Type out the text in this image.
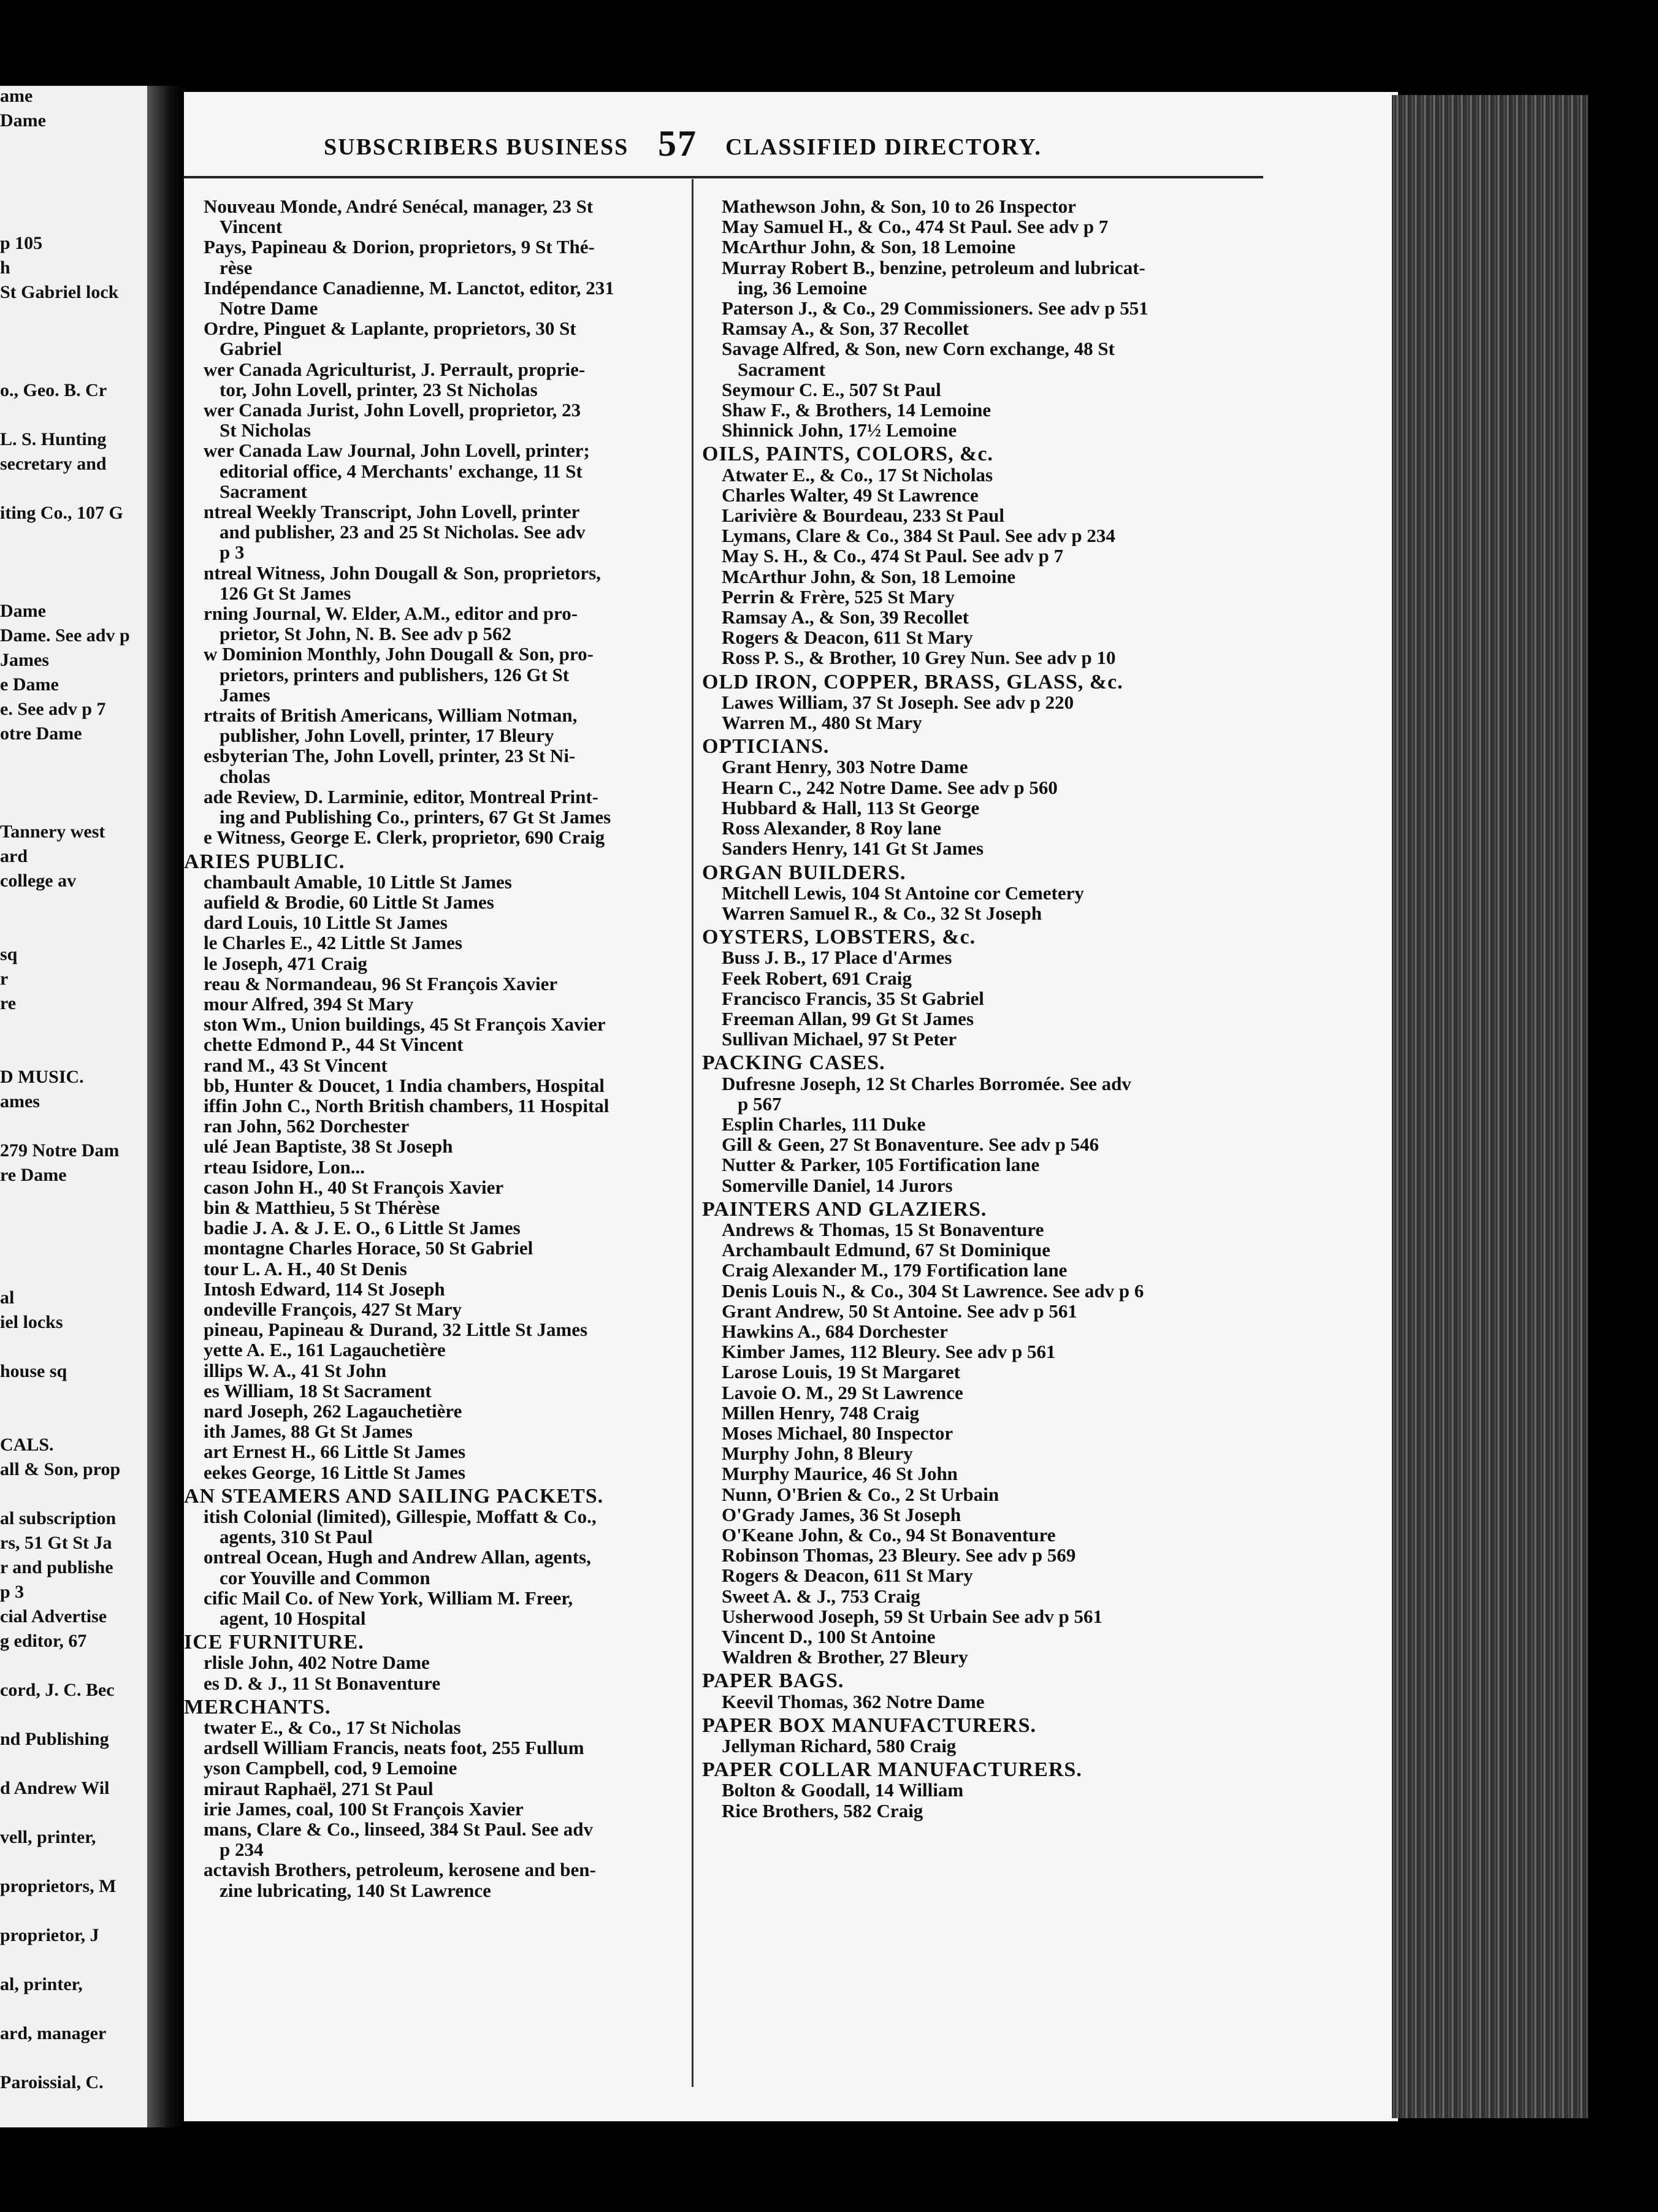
ame
Dame
p 105
h
St Gabriel lock
o., Geo. B. Cr
L. S. Hunting
secretary and
iting Co., 107 G
Dame
Dame. See adv p
James
e Dame
e. See adv p 7
otre Dame
Tannery west
ard
college av
sq
r
re
D MUSIC.
ames
279 Notre Dam
re Dame
al
iel locks
house sq
CALS.
all & Son, prop
al subscription
rs, 51 Gt St Ja
r and publishe
p 3
cial Advertise
g editor, 67
cord, J. C. Bec
nd Publishing
d Andrew Wil
vell, printer,
proprietors, M
proprietor, J
al, printer,
ard, manager
Paroissial, C.
SUBSCRIBERS BUSINESS 57 CLASSIFIED DIRECTORY.
Nouveau Monde, André Senécal, manager, 23 St
Vincent
Pays, Papineau & Dorion, proprietors, 9 St Thé-
rèse
Indépendance Canadienne, M. Lanctot, editor, 231
Notre Dame
Ordre, Pinguet & Laplante, proprietors, 30 St
Gabriel
wer Canada Agriculturist, J. Perrault, proprie-
tor, John Lovell, printer, 23 St Nicholas
wer Canada Jurist, John Lovell, proprietor, 23
St Nicholas
wer Canada Law Journal, John Lovell, printer;
editorial office, 4 Merchants' exchange, 11 St
Sacrament
ntreal Weekly Transcript, John Lovell, printer
and publisher, 23 and 25 St Nicholas. See adv
p 3
ntreal Witness, John Dougall & Son, proprietors,
126 Gt St James
rning Journal, W. Elder, A.M., editor and pro-
prietor, St John, N. B. See adv p 562
w Dominion Monthly, John Dougall & Son, pro-
prietors, printers and publishers, 126 Gt St
James
rtraits of British Americans, William Notman,
publisher, John Lovell, printer, 17 Bleury
esbyterian The, John Lovell, printer, 23 St Ni-
cholas
ade Review, D. Larminie, editor, Montreal Print-
ing and Publishing Co., printers, 67 Gt St James
e Witness, George E. Clerk, proprietor, 690 Craig
ARIES PUBLIC.
chambault Amable, 10 Little St James
aufield & Brodie, 60 Little St James
dard Louis, 10 Little St James
le Charles E., 42 Little St James
le Joseph, 471 Craig
reau & Normandeau, 96 St François Xavier
mour Alfred, 394 St Mary
ston Wm., Union buildings, 45 St François Xavier
chette Edmond P., 44 St Vincent
rand M., 43 St Vincent
bb, Hunter & Doucet, 1 India chambers, Hospital
iffin John C., North British chambers, 11 Hospital
ran John, 562 Dorchester
ulé Jean Baptiste, 38 St Joseph
rteau Isidore, Lon...
cason John H., 40 St François Xavier
bin & Matthieu, 5 St Thérèse
badie J. A. & J. E. O., 6 Little St James
montagne Charles Horace, 50 St Gabriel
tour L. A. H., 40 St Denis
Intosh Edward, 114 St Joseph
ondeville François, 427 St Mary
pineau, Papineau & Durand, 32 Little St James
yette A. E., 161 Lagauchetière
illips W. A., 41 St John
es William, 18 St Sacrament
nard Joseph, 262 Lagauchetière
ith James, 88 Gt St James
art Ernest H., 66 Little St James
eekes George, 16 Little St James
AN STEAMERS AND SAILING PACKETS.
itish Colonial (limited), Gillespie, Moffatt & Co.,
agents, 310 St Paul
ontreal Ocean, Hugh and Andrew Allan, agents,
cor Youville and Common
cific Mail Co. of New York, William M. Freer,
agent, 10 Hospital
ICE FURNITURE.
rlisle John, 402 Notre Dame
es D. & J., 11 St Bonaventure
MERCHANTS.
twater E., & Co., 17 St Nicholas
ardsell William Francis, neats foot, 255 Fullum
yson Campbell, cod, 9 Lemoine
miraut Raphaël, 271 St Paul
irie James, coal, 100 St François Xavier
mans, Clare & Co., linseed, 384 St Paul. See adv
p 234
actavish Brothers, petroleum, kerosene and ben-
zine lubricating, 140 St Lawrence
Mathewson John, & Son, 10 to 26 Inspector
May Samuel H., & Co., 474 St Paul. See adv p 7
McArthur John, & Son, 18 Lemoine
Murray Robert B., benzine, petroleum and lubricat-
ing, 36 Lemoine
Paterson J., & Co., 29 Commissioners. See adv p 551
Ramsay A., & Son, 37 Recollet
Savage Alfred, & Son, new Corn exchange, 48 St
Sacrament
Seymour C. E., 507 St Paul
Shaw F., & Brothers, 14 Lemoine
Shinnick John, 17½ Lemoine
OILS, PAINTS, COLORS, &c.
Atwater E., & Co., 17 St Nicholas
Charles Walter, 49 St Lawrence
Larivière & Bourdeau, 233 St Paul
Lymans, Clare & Co., 384 St Paul. See adv p 234
May S. H., & Co., 474 St Paul. See adv p 7
McArthur John, & Son, 18 Lemoine
Perrin & Frère, 525 St Mary
Ramsay A., & Son, 39 Recollet
Rogers & Deacon, 611 St Mary
Ross P. S., & Brother, 10 Grey Nun. See adv p 10
OLD IRON, COPPER, BRASS, GLASS, &c.
Lawes William, 37 St Joseph. See adv p 220
Warren M., 480 St Mary
OPTICIANS.
Grant Henry, 303 Notre Dame
Hearn C., 242 Notre Dame. See adv p 560
Hubbard & Hall, 113 St George
Ross Alexander, 8 Roy lane
Sanders Henry, 141 Gt St James
ORGAN BUILDERS.
Mitchell Lewis, 104 St Antoine cor Cemetery
Warren Samuel R., & Co., 32 St Joseph
OYSTERS, LOBSTERS, &c.
Buss J. B., 17 Place d'Armes
Feek Robert, 691 Craig
Francisco Francis, 35 St Gabriel
Freeman Allan, 99 Gt St James
Sullivan Michael, 97 St Peter
PACKING CASES.
Dufresne Joseph, 12 St Charles Borromée. See adv
p 567
Esplin Charles, 111 Duke
Gill & Geen, 27 St Bonaventure. See adv p 546
Nutter & Parker, 105 Fortification lane
Somerville Daniel, 14 Jurors
PAINTERS AND GLAZIERS.
Andrews & Thomas, 15 St Bonaventure
Archambault Edmund, 67 St Dominique
Craig Alexander M., 179 Fortification lane
Denis Louis N., & Co., 304 St Lawrence. See adv p 6
Grant Andrew, 50 St Antoine. See adv p 561
Hawkins A., 684 Dorchester
Kimber James, 112 Bleury. See adv p 561
Larose Louis, 19 St Margaret
Lavoie O. M., 29 St Lawrence
Millen Henry, 748 Craig
Moses Michael, 80 Inspector
Murphy John, 8 Bleury
Murphy Maurice, 46 St John
Nunn, O'Brien & Co., 2 St Urbain
O'Grady James, 36 St Joseph
O'Keane John, & Co., 94 St Bonaventure
Robinson Thomas, 23 Bleury. See adv p 569
Rogers & Deacon, 611 St Mary
Sweet A. & J., 753 Craig
Usherwood Joseph, 59 St Urbain See adv p 561
Vincent D., 100 St Antoine
Waldren & Brother, 27 Bleury
PAPER BAGS.
Keevil Thomas, 362 Notre Dame
PAPER BOX MANUFACTURERS.
Jellyman Richard, 580 Craig
PAPER COLLAR MANUFACTURERS.
Bolton & Goodall, 14 William
Rice Brothers, 582 Craig
